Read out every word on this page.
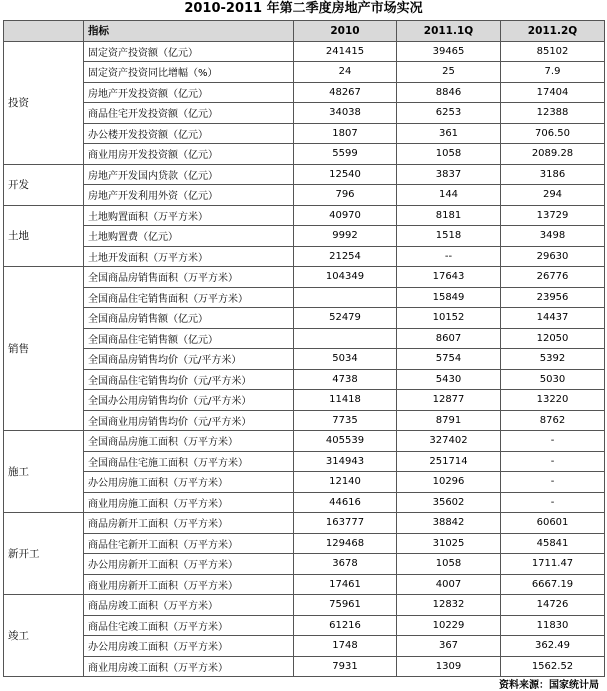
2010-2011 年第二季度房地产市场实况
	指标	2010	2011.1Q	2011.2Q
投资	固定资产投资额（亿元）	241415	39465	85102
	固定资产投资同比增幅（%）	24	25	7.9
	房地产开发投资额（亿元）	48267	8846	17404
	商品住宅开发投资额（亿元）	34038	6253	12388
	办公楼开发投资额（亿元）	1807	361	706.50
	商业用房开发投资额（亿元）	5599	1058	2089.28
开发	房地产开发国内贷款（亿元）	12540	3837	3186
	房地产开发利用外资（亿元）	796	144	294
土地	土地购置面积（万平方米）	40970	8181	13729
	土地购置费（亿元）	9992	1518	3498
	土地开发面积（万平方米）	21254	--	29630
销售	全国商品房销售面积（万平方米）	104349	17643	26776
	全国商品住宅销售面积（万平方米）		15849	23956
	全国商品房销售额（亿元）	52479	10152	14437
	全国商品住宅销售额（亿元）		8607	12050
	全国商品房销售均价（元/平方米）	5034	5754	5392
	全国商品住宅销售均价（元/平方米）	4738	5430	5030
	全国办公用房销售均价（元/平方米）	11418	12877	13220
	全国商业用房销售均价（元/平方米）	7735	8791	8762
施工	全国商品房施工面积（万平方米）	405539	327402	-
	全国商品住宅施工面积（万平方米）	314943	251714	-
	办公用房施工面积（万平方米）	12140	10296	-
	商业用房施工面积（万平方米）	44616	35602	-
新开工	商品房新开工面积（万平方米）	163777	38842	60601
	商品住宅新开工面积（万平方米）	129468	31025	45841
	办公用房新开工面积（万平方米）	3678	1058	1711.47
	商业用房新开工面积（万平方米）	17461	4007	6667.19
竣工	商品房竣工面积（万平方米）	75961	12832	14726
	商品住宅竣工面积（万平方米）	61216	10229	11830
	办公用房竣工面积（万平方米）	1748	367	362.49
	商业用房竣工面积（万平方米）	7931	1309	1562.52
资料来源：国家统计局
